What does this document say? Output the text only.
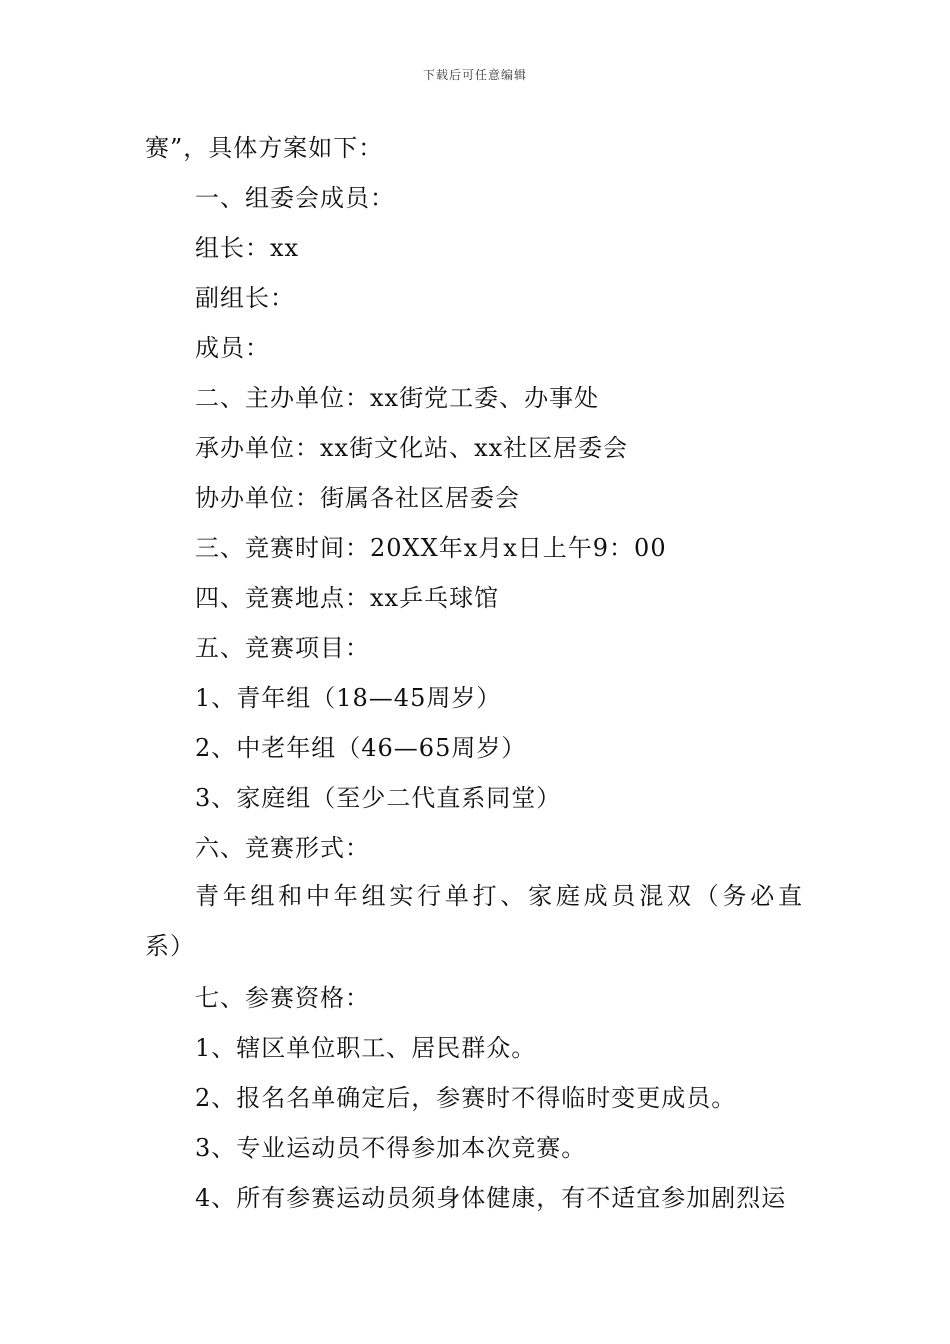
下载后可任意编辑
赛”，具体方案如下：
一、组委会成员：
组长：xx
副组长：
成员：
二、主办单位：xx街党工委、办事处
承办单位：xx街文化站、xx社区居委会
协办单位：街属各社区居委会
三、竞赛时间：20XX年x月x日上午9：00
四、竞赛地点：xx乒乓球馆
五、竞赛项目：
1、青年组（18—45周岁）
2、中老年组（46—65周岁）
3、家庭组（至少二代直系同堂）
六、竞赛形式：
青年组和中年组实行单打、家庭成员混双（务必直
系）
七、参赛资格：
1、辖区单位职工、居民群众。
2、报名名单确定后，参赛时不得临时变更成员。
3、专业运动员不得参加本次竞赛。
4、所有参赛运动员须身体健康，有不适宜参加剧烈运
